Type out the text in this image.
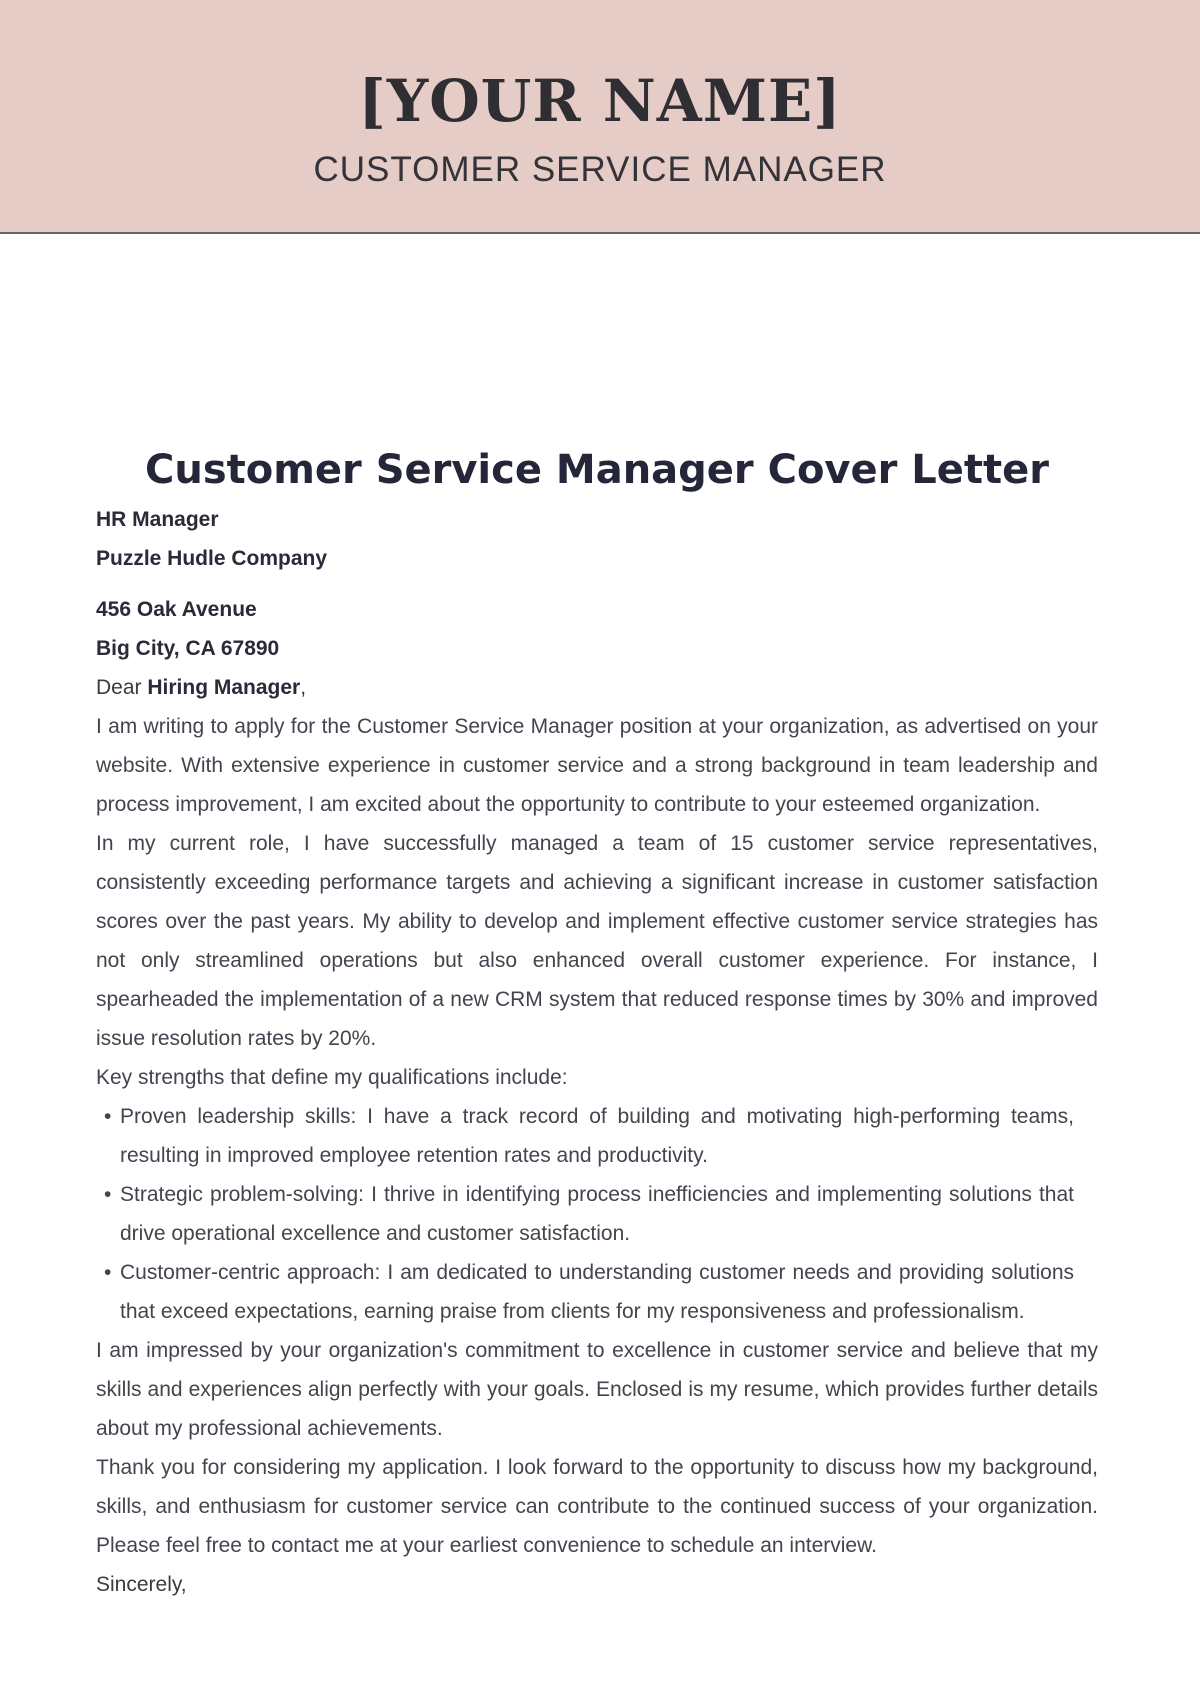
[YOUR NAME]
CUSTOMER SERVICE MANAGER
Customer Service Manager Cover Letter
HR Manager
Puzzle Hudle Company
456 Oak Avenue
Big City, CA 67890
Dear Hiring Manager,

I am writing to apply for the Customer Service Manager position at your organization, as advertised on your website. With extensive experience in customer service and a strong background in team leadership and process improvement, I am excited about the opportunity to contribute to your esteemed organization.

In my current role, I have successfully managed a team of 15 customer service representatives, consistently exceeding performance targets and achieving a significant increase in customer satisfaction scores over the past years. My ability to develop and implement effective customer service strategies has not only streamlined operations but also enhanced overall customer experience. For instance, I spearheaded the implementation of a new CRM system that reduced response times by 30% and improved issue resolution rates by 20%.

Key strengths that define my qualifications include:

• Proven leadership skills: I have a track record of building and motivating high-performing teams, resulting in improved employee retention rates and productivity.
• Strategic problem-solving: I thrive in identifying process inefficiencies and implementing solutions that drive operational excellence and customer satisfaction.
• Customer-centric approach: I am dedicated to understanding customer needs and providing solutions that exceed expectations, earning praise from clients for my responsiveness and professionalism.

I am impressed by your organization's commitment to excellence in customer service and believe that my skills and experiences align perfectly with your goals. Enclosed is my resume, which provides further details about my professional achievements.

Thank you for considering my application. I look forward to the opportunity to discuss how my background, skills, and enthusiasm for customer service can contribute to the continued success of your organization. Please feel free to contact me at your earliest convenience to schedule an interview.

Sincerely,
